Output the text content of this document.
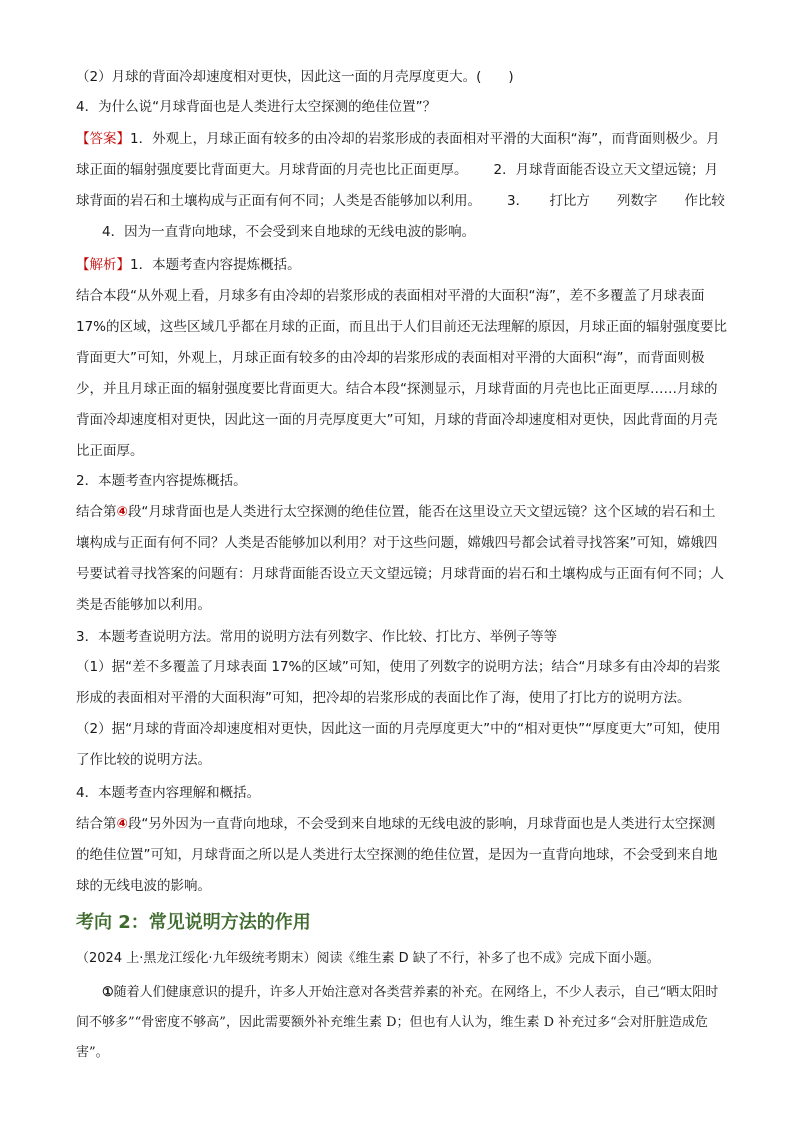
（2）月球的背面冷却速度相对更快，因此这一面的月壳厚度更大。(　　)

4．为什么说“月球背面也是人类进行太空探测的绝佳位置”？

【答案】1．外观上，月球正面有较多的由冷却的岩浆形成的表面相对平滑的大面积“海”，而背面则极少。月球正面的辐射强度要比背面更大。月球背面的月壳也比正面更厚。 2．月球背面能否设立天文望远镜；月球背面的岩石和土壤构成与正面有何不同；人类是否能够加以利用。 3．　　打比方　　列数字　　作比较4．因为一直背向地球，不会受到来自地球的无线电波的影响。

【解析】1．本题考查内容提炼概括。

结合本段“从外观上看，月球多有由冷却的岩浆形成的表面相对平滑的大面积“海”，差不多覆盖了月球表面17%的区域，这些区域几乎都在月球的正面，而且出于人们目前还无法理解的原因，月球正面的辐射强度要比背面更大”可知，外观上，月球正面有较多的由冷却的岩浆形成的表面相对平滑的大面积“海”，而背面则极少，并且月球正面的辐射强度要比背面更大。结合本段“探测显示，月球背面的月壳也比正面更厚……月球的背面冷却速度相对更快，因此这一面的月壳厚度更大”可知，月球的背面冷却速度相对更快，因此背面的月壳比正面厚。

2．本题考查内容提炼概括。

结合第④段“月球背面也是人类进行太空探测的绝佳位置，能否在这里设立天文望远镜？这个区域的岩石和土壤构成与正面有何不同？人类是否能够加以利用？对于这些问题，嫦娥四号都会试着寻找答案”可知，嫦娥四号要试着寻找答案的问题有：月球背面能否设立天文望远镜；月球背面的岩石和土壤构成与正面有何不同；人类是否能够加以利用。

3．本题考查说明方法。常用的说明方法有列数字、作比较、打比方、举例子等等

（1）据“差不多覆盖了月球表面 17%的区域”可知，使用了列数字的说明方法；结合“月球多有由冷却的岩浆形成的表面相对平滑的大面积海”可知，把冷却的岩浆形成的表面比作了海，使用了打比方的说明方法。

（2）据“月球的背面冷却速度相对更快，因此这一面的月壳厚度更大”中的“相对更快”“厚度更大”可知，使用了作比较的说明方法。

4．本题考查内容理解和概括。

结合第④段“另外因为一直背向地球，不会受到来自地球的无线电波的影响，月球背面也是人类进行太空探测的绝佳位置”可知，月球背面之所以是人类进行太空探测的绝佳位置，是因为一直背向地球，不会受到来自地球的无线电波的影响。

考向 2：常见说明方法的作用

（2024 上·黑龙江绥化·九年级统考期末）阅读《维生素 D 缺了不行，补多了也不成》完成下面小题。

①随着人们健康意识的提升，许多人开始注意对各类营养素的补充。在网络上，不少人表示，自己“晒太阳时间不够多”“骨密度不够高”，因此需要额外补充维生素 D；但也有人认为，维生素 D 补充过多“会对肝脏造成危害”。
